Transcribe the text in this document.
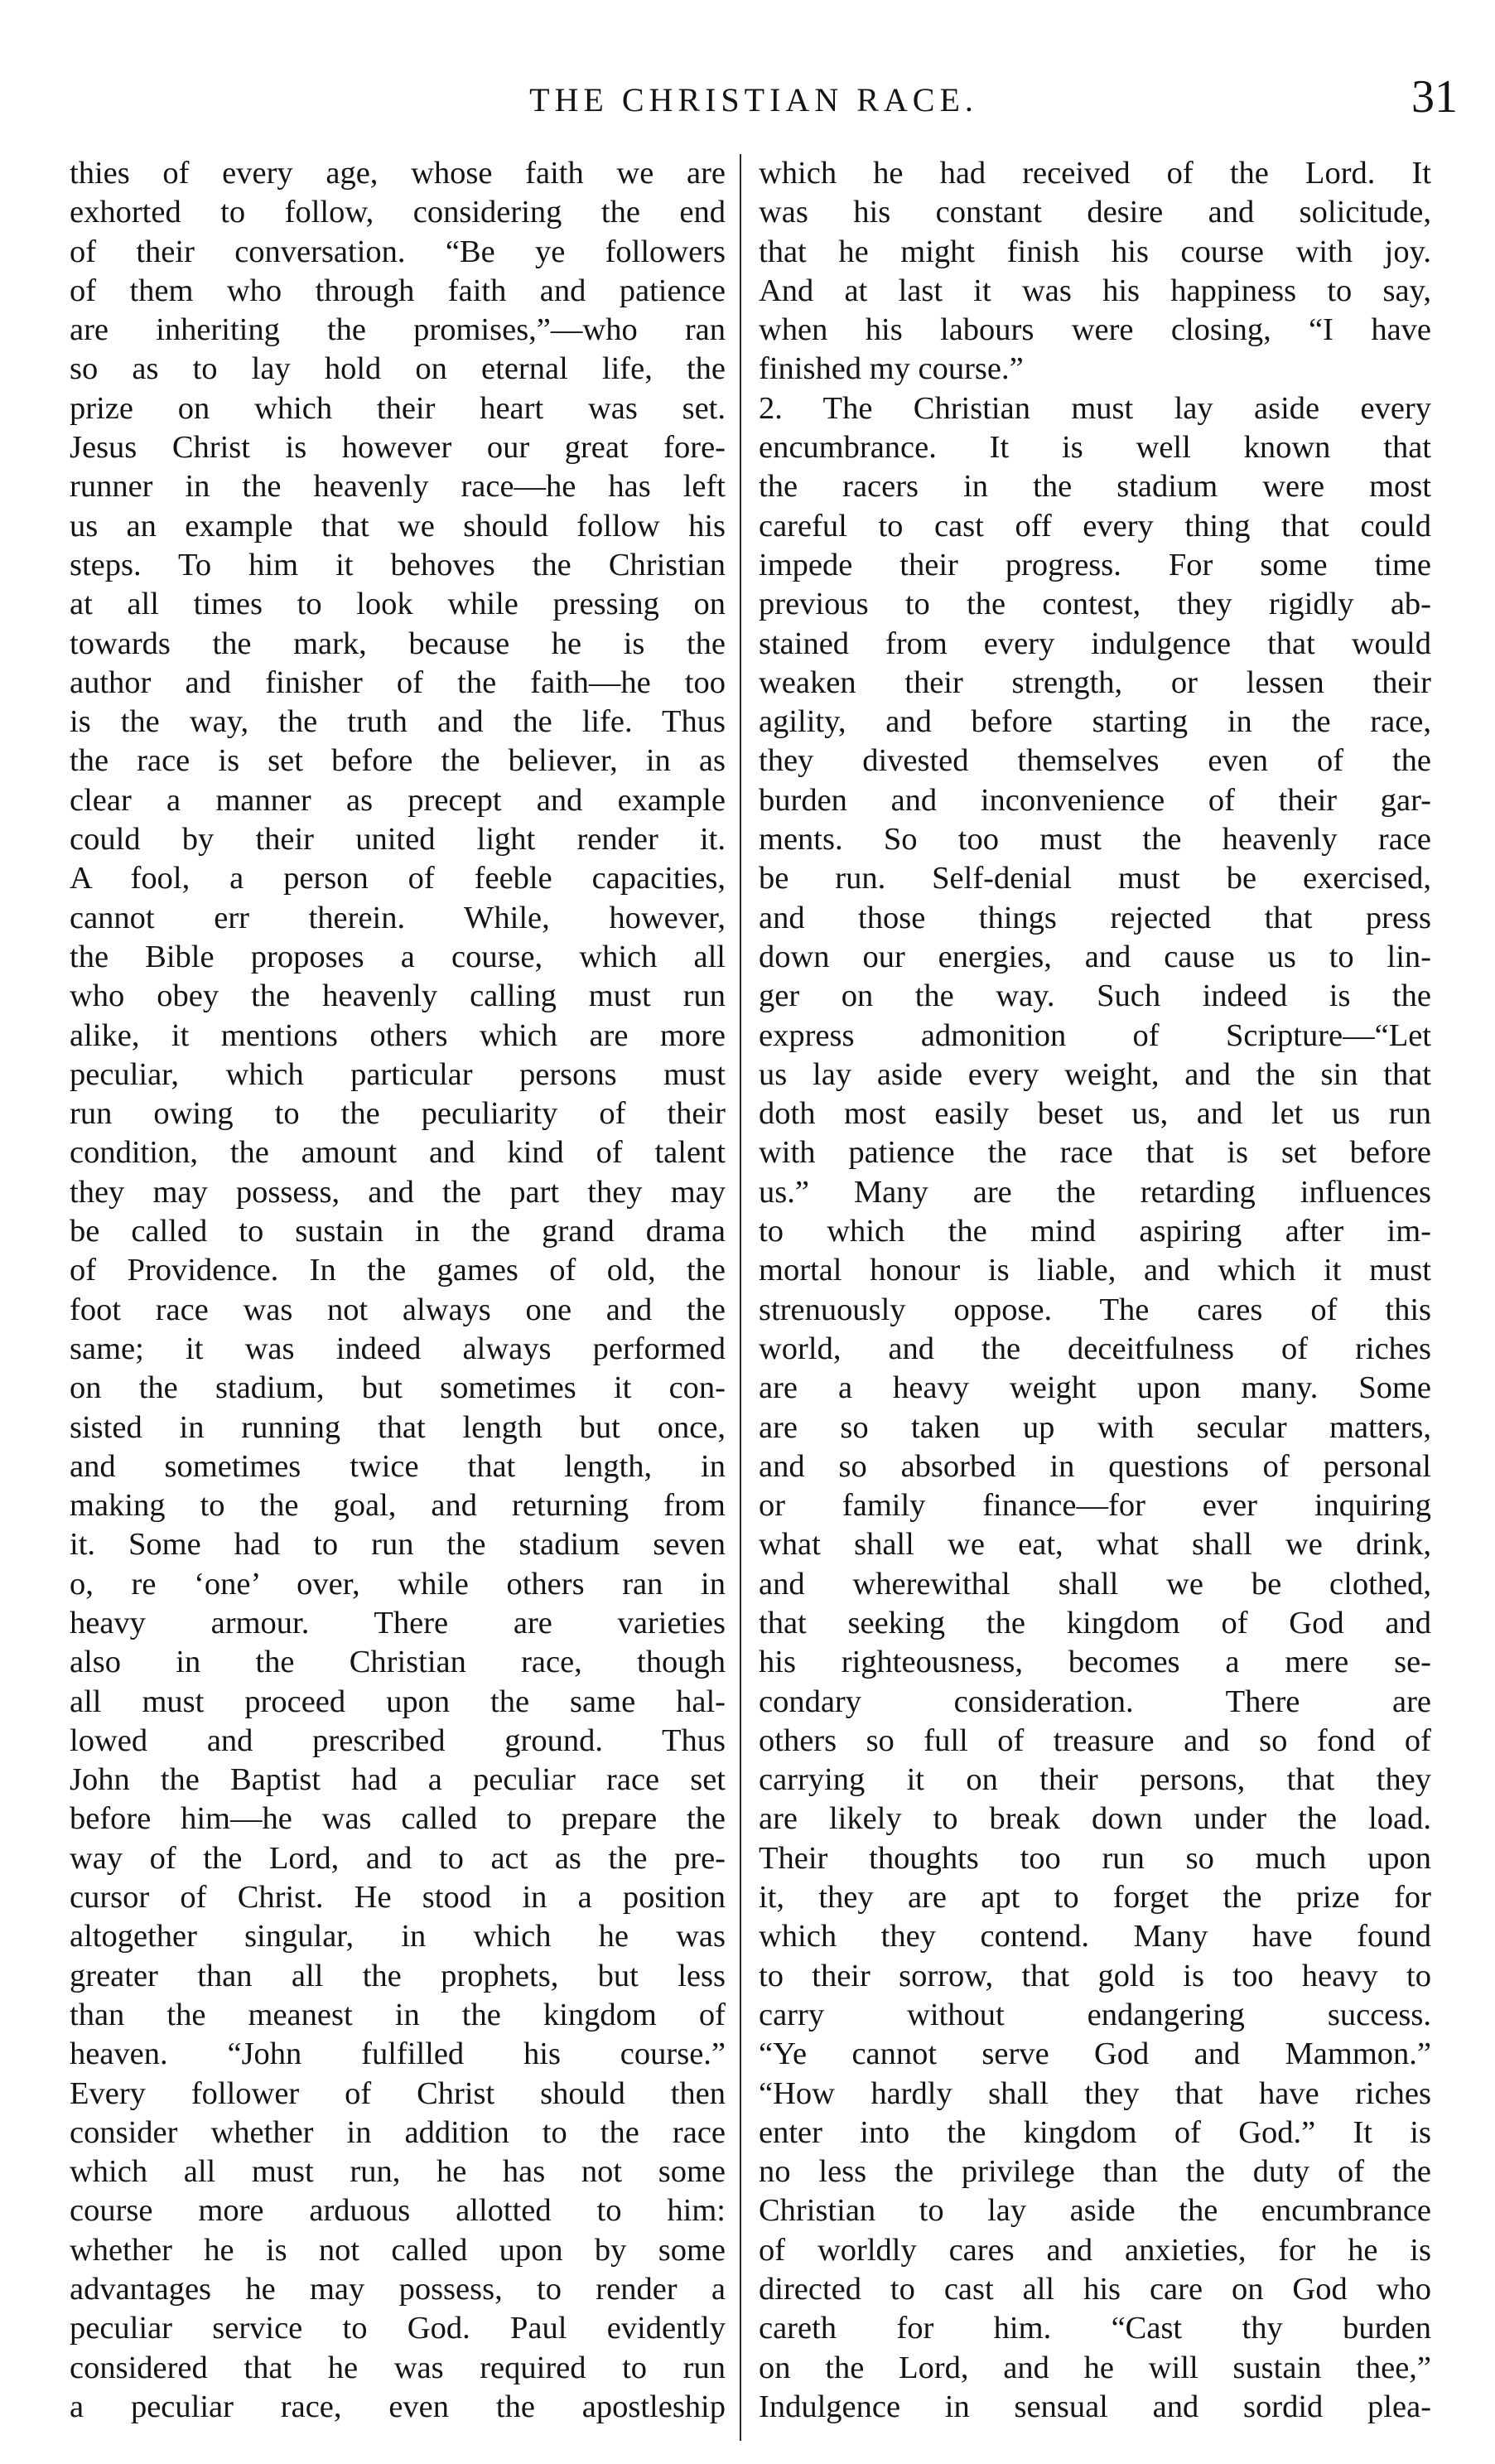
THE CHRISTIAN RACE.	31
thies of every age, whose faith we are
exhorted to follow, considering the end
of their conversation. “Be ye followers
of them who through faith and patience
are inheriting the promises,”—who ran
so as to lay hold on eternal life, the
prize on which their heart was set.
Jesus Christ is however our great fore-
runner in the heavenly race—he has left
us an example that we should follow his
steps. To him it behoves the Christian
at all times to look while pressing on
towards the mark, because he is the
author and finisher of the faith—he too
is the way, the truth and the life. Thus
the race is set before the believer, in as
clear a manner as precept and example
could by their united light render it.
A fool, a person of feeble capacities,
cannot err therein. While, however,
the Bible proposes a course, which all
who obey the heavenly calling must run
alike, it mentions others which are more
peculiar, which particular persons must
run owing to the peculiarity of their
condition, the amount and kind of talent
they may possess, and the part they may
be called to sustain in the grand drama
of Providence. In the games of old, the
foot race was not always one and the
same; it was indeed always performed
on the stadium, but sometimes it con-
sisted in running that length but once,
and sometimes twice that length, in
making to the goal, and returning from
it. Some had to run the stadium seven
o, re ‘one’ over, while others ran in
heavy armour. There are varieties
also in the Christian race, though
all must proceed upon the same hal-
lowed and prescribed ground. Thus
John the Baptist had a peculiar race set
before him—he was called to prepare the
way of the Lord, and to act as the pre-
cursor of Christ. He stood in a position
altogether singular, in which he was
greater than all the prophets, but less
than the meanest in the kingdom of
heaven. “John fulfilled his course.”
Every follower of Christ should then
consider whether in addition to the race
which all must run, he has not some
course more arduous allotted to him:
whether he is not called upon by some
advantages he may possess, to render a
peculiar service to God. Paul evidently
considered that he was required to run
a peculiar race, even the apostleship
which he had received of the Lord. It
was his constant desire and solicitude,
that he might finish his course with joy.
And at last it was his happiness to say,
when his labours were closing, “I have
finished my course.”
2. The Christian must lay aside every
encumbrance. It is well known that
the racers in the stadium were most
careful to cast off every thing that could
impede their progress. For some time
previous to the contest, they rigidly ab-
stained from every indulgence that would
weaken their strength, or lessen their
agility, and before starting in the race,
they divested themselves even of the
burden and inconvenience of their gar-
ments. So too must the heavenly race
be run. Self-denial must be exercised,
and those things rejected that press
down our energies, and cause us to lin-
ger on the way. Such indeed is the
express admonition of Scripture—“Let
us lay aside every weight, and the sin that
doth most easily beset us, and let us run
with patience the race that is set before
us.” Many are the retarding influences
to which the mind aspiring after im-
mortal honour is liable, and which it must
strenuously oppose. The cares of this
world, and the deceitfulness of riches
are a heavy weight upon many. Some
are so taken up with secular matters,
and so absorbed in questions of personal
or family finance—for ever inquiring
what shall we eat, what shall we drink,
and wherewithal shall we be clothed,
that seeking the kingdom of God and
his righteousness, becomes a mere se-
condary consideration. There are
others so full of treasure and so fond of
carrying it on their persons, that they
are likely to break down under the load.
Their thoughts too run so much upon
it, they are apt to forget the prize for
which they contend. Many have found
to their sorrow, that gold is too heavy to
carry without endangering success.
“Ye cannot serve God and Mammon.”
“How hardly shall they that have riches
enter into the kingdom of God.” It is
no less the privilege than the duty of the
Christian to lay aside the encumbrance
of worldly cares and anxieties, for he is
directed to cast all his care on God who
careth for him. “Cast thy burden
on the Lord, and he will sustain thee,”
Indulgence in sensual and sordid plea-
